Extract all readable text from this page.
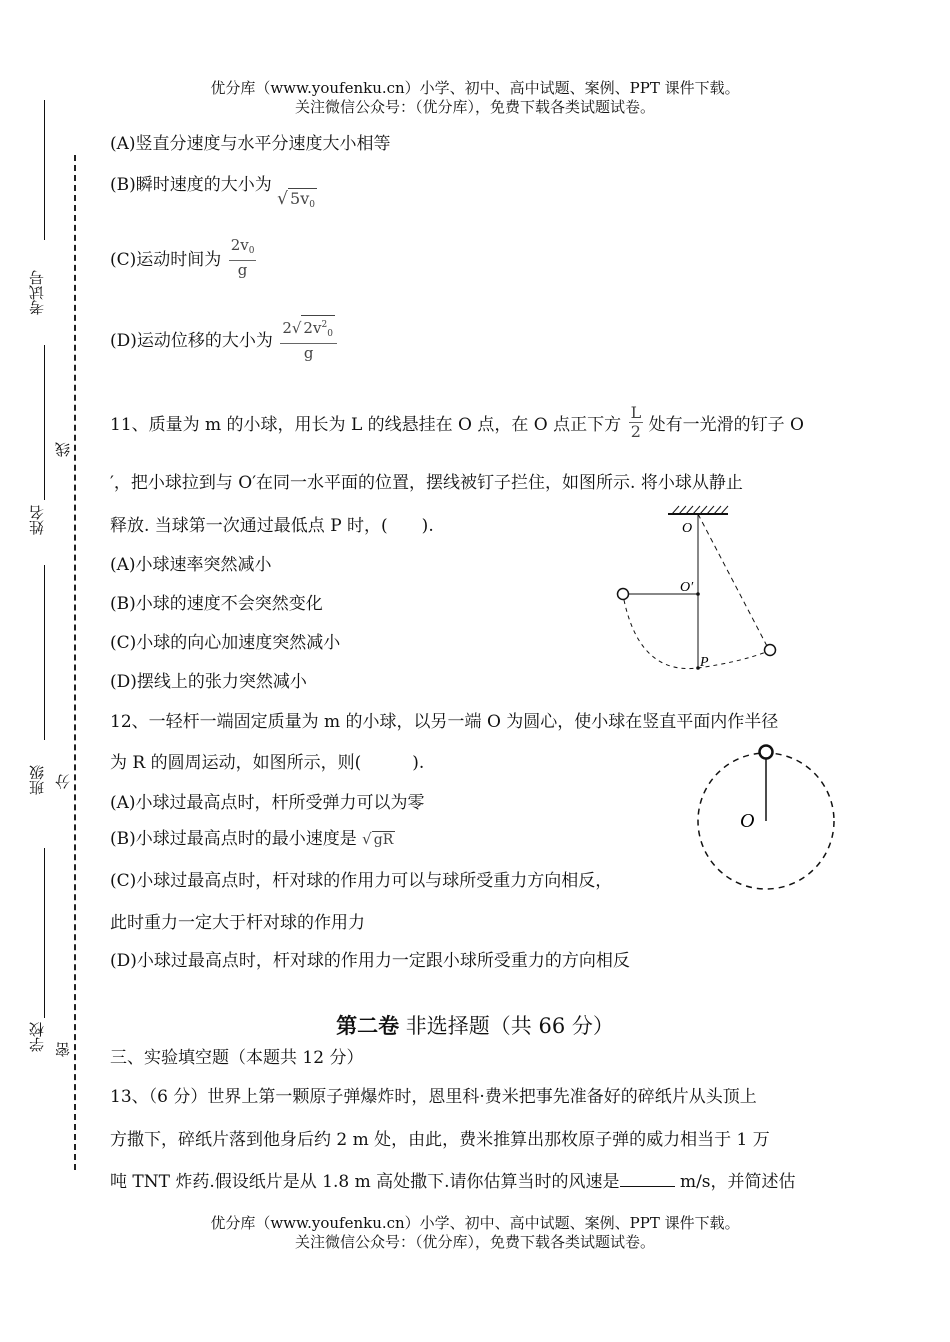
优分库（www.youfenku.cn）小学、初中、高中试题、案例、PPT 课件下载。
关注微信公众号：（优分库），免费下载各类试题试卷。
考试号
姓名
班级
学校
线
分
密
(A)竖直分速度与水平分速度大小相等
(B)瞬时速度的大小为 √ $5v_0$
(C)运动时间为 $\frac{2v_0}{g}$
(D)运动位移的大小为 $\frac{2√ 2v^2_0}{g}$
11、质量为 m 的小球，用长为 L 的线悬挂在 O 点，在 O 点正下方 $\frac{L}{2}$ 处有一光滑的钉子 O
′，把小球拉到与 O′在同一水平面的位置，摆线被钉子拦住，如图所示. 将小球从静止
释放. 当球第一次通过最低点 P 时，(　　).
(A)小球速率突然减小
(B)小球的速度不会突然变化
(C)小球的向心加速度突然减小
(D)摆线上的张力突然减小
O
O′
P
12、一轻杆一端固定质量为 m 的小球，以另一端 O 为圆心，使小球在竖直平面内作半径
为 R 的圆周运动，如图所示，则(　　　).
(A)小球过最高点时，杆所受弹力可以为零
(B)小球过最高点时的最小速度是 √ gR
(C)小球过最高点时，杆对球的作用力可以与球所受重力方向相反，
此时重力一定大于杆对球的作用力
(D)小球过最高点时，杆对球的作用力一定跟小球所受重力的方向相反
O
第二卷 非选择题（共 66 分）
三、实验填空题（本题共 12 分）
13、（6 分）世界上第一颗原子弹爆炸时，恩里科·费米把事先准备好的碎纸片从头顶上
方撒下，碎纸片落到他身后约 2 m 处，由此，费米推算出那枚原子弹的威力相当于 1 万
吨 TNT 炸药.假设纸片是从 1.8 m 高处撒下.请你估算当时的风速是	m/s，并简述估
优分库（www.youfenku.cn）小学、初中、高中试题、案例、PPT 课件下载。
关注微信公众号：（优分库），免费下载各类试题试卷。
